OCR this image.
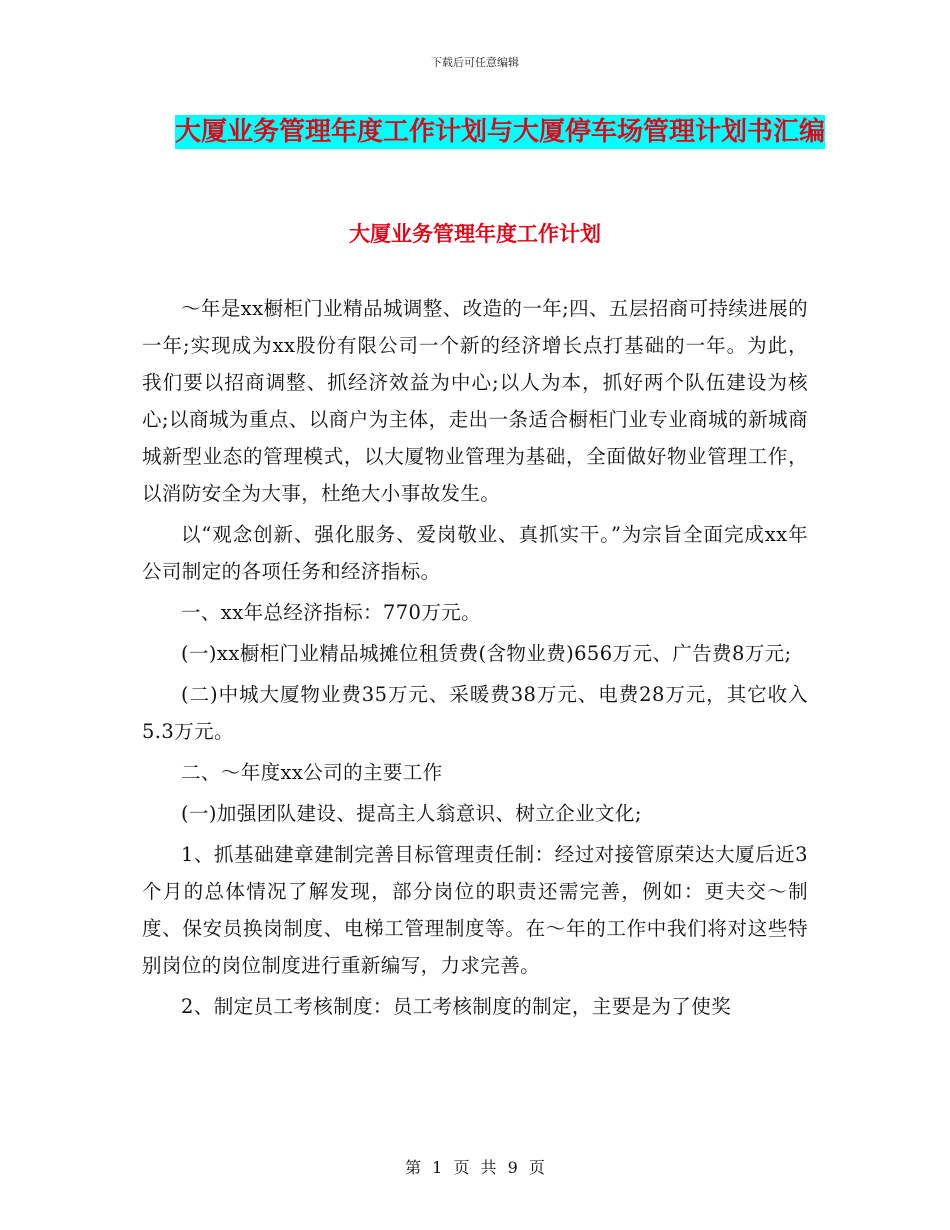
下载后可任意编辑
大厦业务管理年度工作计划与大厦停车场管理计划书汇编
大厦业务管理年度工作计划

～年是xx橱柜门业精品城调整、改造的一年;四、五层招商可持续进展的一年;实现成为xx股份有限公司一个新的经济增长点打基础的一年。为此，我们要以招商调整、抓经济效益为中心;以人为本，抓好两个队伍建设为核心;以商城为重点、以商户为主体，走出一条适合橱柜门业专业商城的新城商城新型业态的管理模式，以大厦物业管理为基础，全面做好物业管理工作，以消防安全为大事，杜绝大小事故发生。

以“观念创新、强化服务、爱岗敬业、真抓实干。”为宗旨全面完成xx年公司制定的各项任务和经济指标。

一、xx年总经济指标：770万元。

(一)xx橱柜门业精品城摊位租赁费(含物业费)656万元、广告费8万元;

(二)中城大厦物业费35万元、采暖费38万元、电费28万元，其它收入5.3万元。

二、～年度xx公司的主要工作

(一)加强团队建设、提高主人翁意识、树立企业文化;

1、抓基础建章建制完善目标管理责任制：经过对接管原荣达大厦后近3个月的总体情况了解发现，部分岗位的职责还需完善，例如：更夫交～制度、保安员换岗制度、电梯工管理制度等。在～年的工作中我们将对这些特别岗位的岗位制度进行重新编写，力求完善。

2、制定员工考核制度：员工考核制度的制定，主要是为了使奖

第 1 页 共 9 页
